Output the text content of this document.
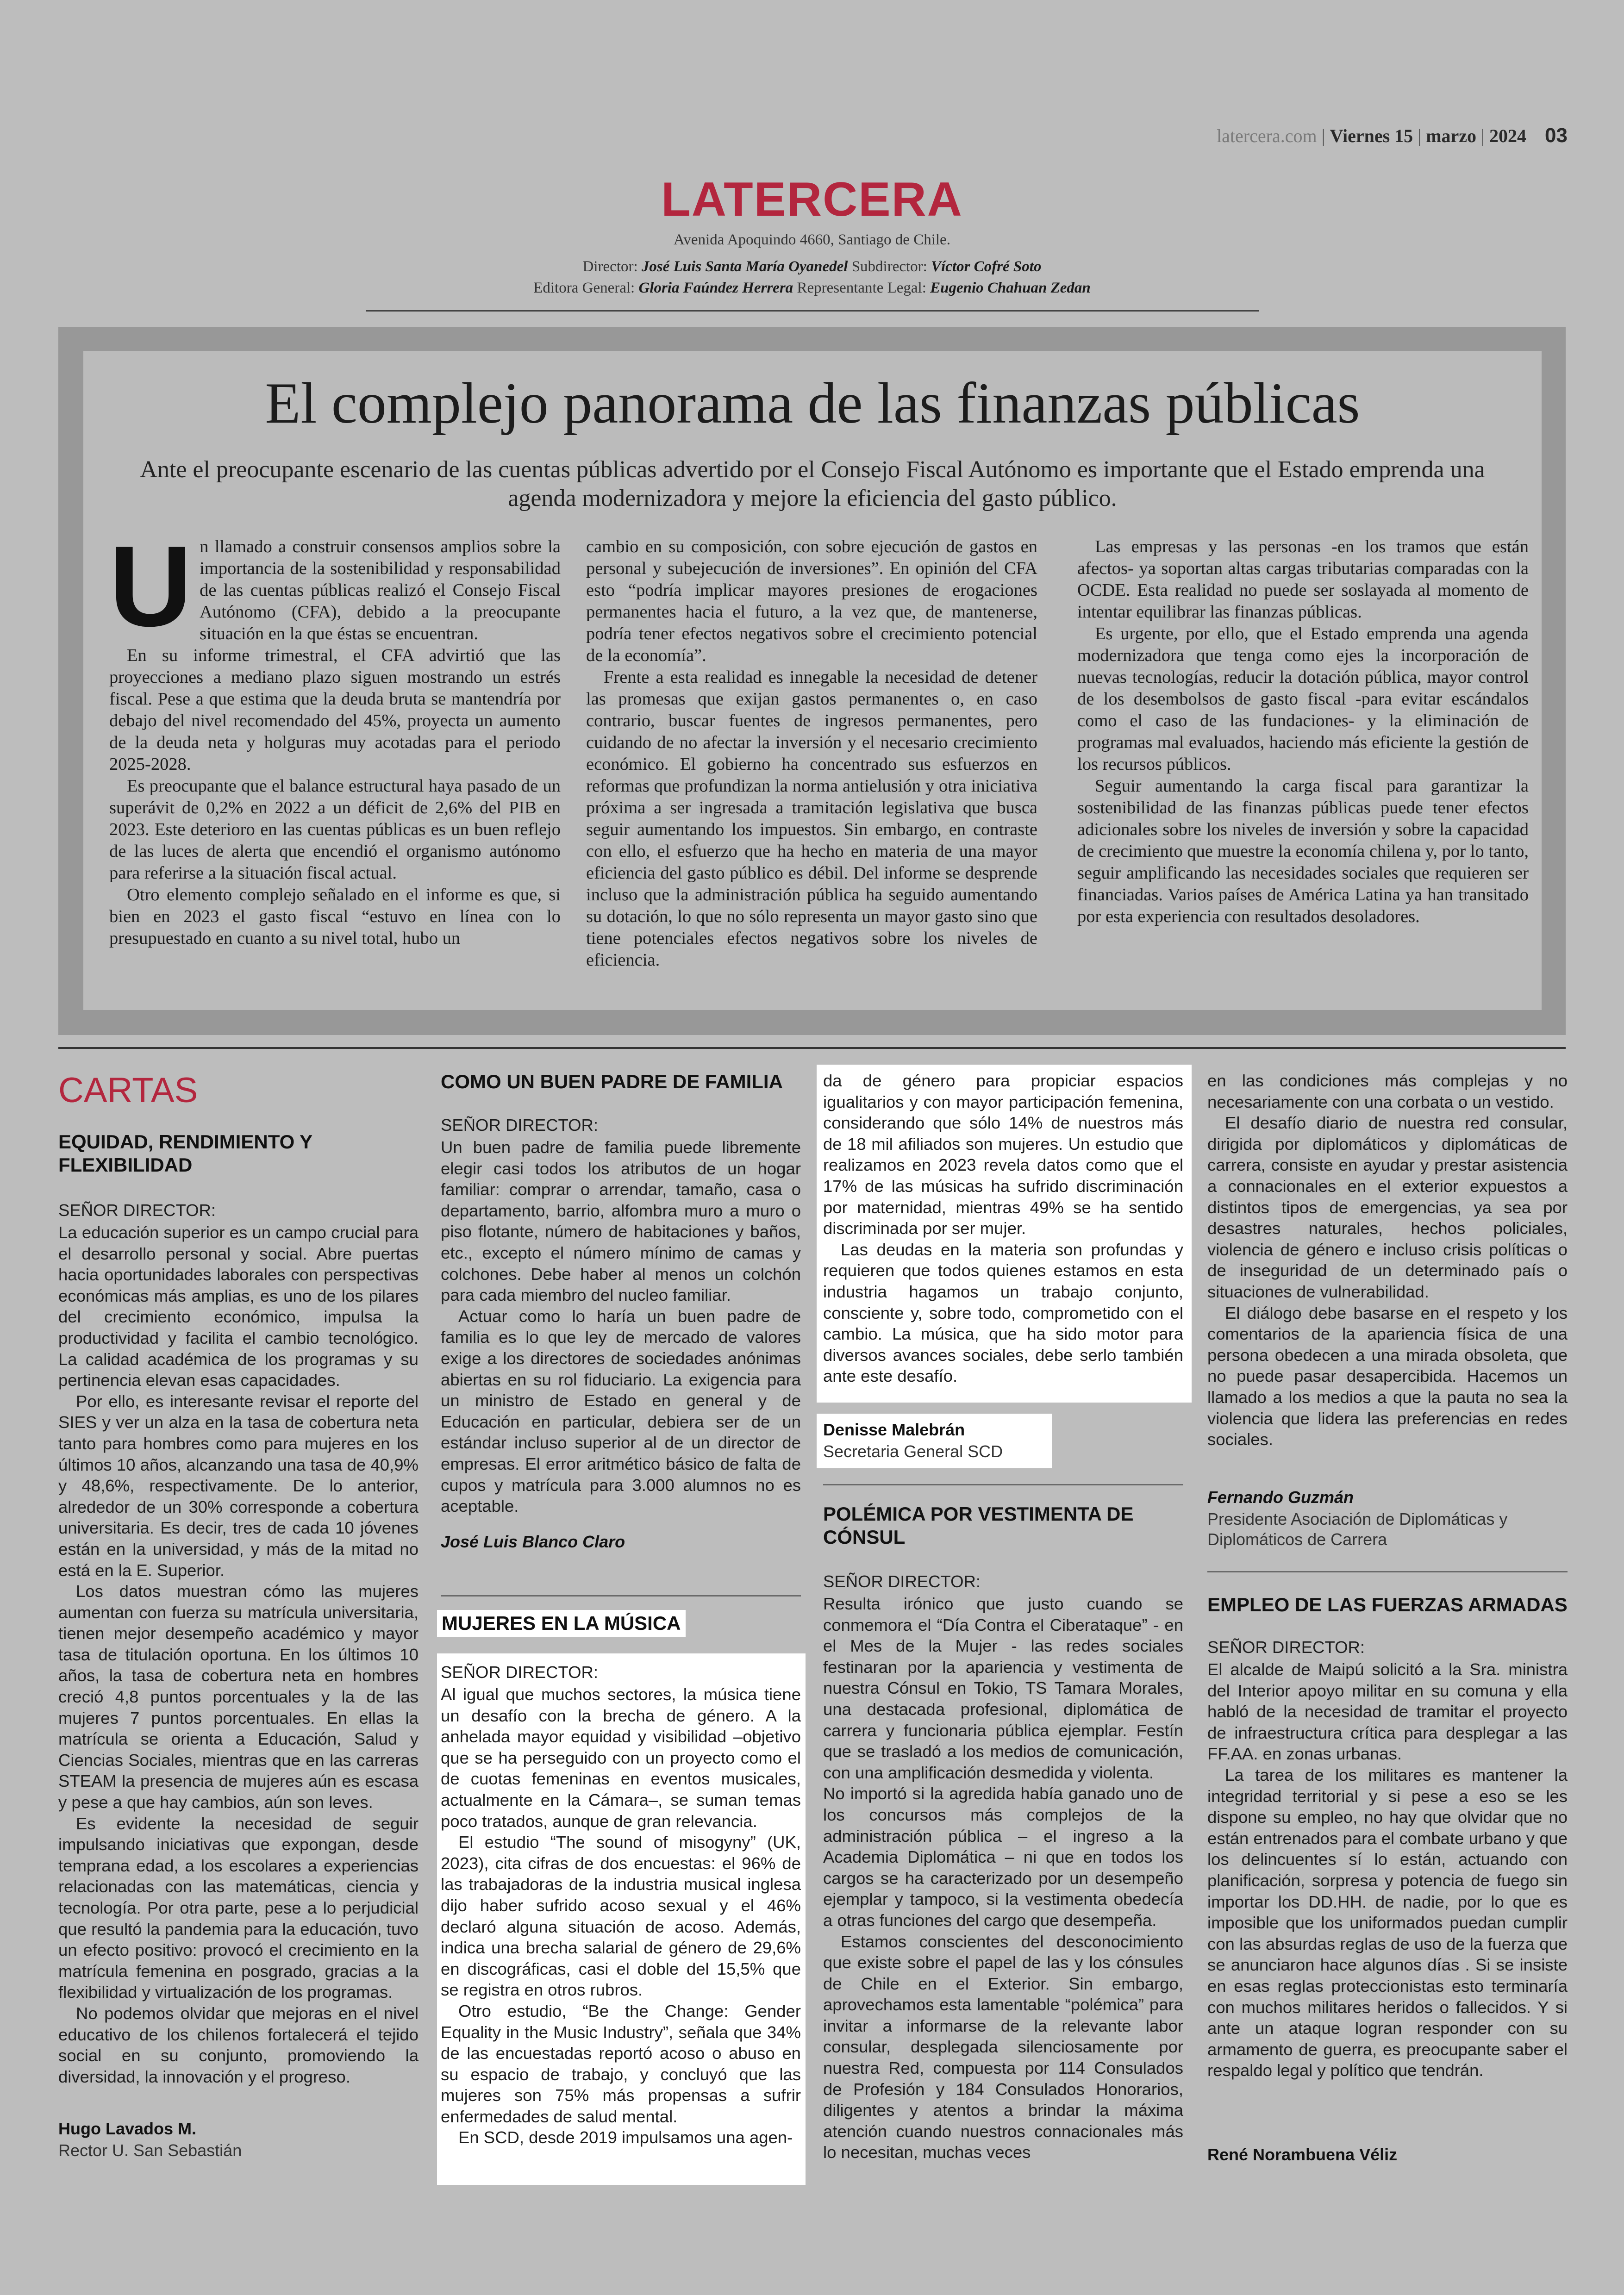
latercera.com | Viernes 15 | marzo | 2024 03
LATERCERA
Avenida Apoquindo 4660, Santiago de Chile.
Director: José Luis Santa María Oyanedel Subdirector: Víctor Cofré Soto
Editora General: Gloria Faúndez Herrera Representante Legal: Eugenio Chahuan Zedan
El complejo panorama de las finanzas públicas
Ante el preocupante escenario de las cuentas públicas advertido por el Consejo Fiscal Autónomo es importante que el Estado emprenda una agenda modernizadora y mejore la eficiencia del gasto público.

Un llamado a construir consensos amplios sobre la importancia de la sostenibilidad y responsabilidad de las cuentas públicas realizó el Consejo Fiscal Autónomo (CFA), debido a la preocupante situación en la que éstas se encuentran.

En su informe trimestral, el CFA advirtió que las proyecciones a mediano plazo siguen mostrando un estrés fiscal. Pese a que estima que la deuda bruta se mantendría por debajo del nivel recomendado del 45%, proyecta un aumento de la deuda neta y holguras muy acotadas para el periodo 2025-2028.

Es preocupante que el balance estructural haya pasado de un superávit de 0,2% en 2022 a un déficit de 2,6% del PIB en 2023. Este deterioro en las cuentas públicas es un buen reflejo de las luces de alerta que encendió el organismo autónomo para referirse a la situación fiscal actual.

Otro elemento complejo señalado en el informe es que, si bien en 2023 el gasto fiscal “estuvo en línea con lo presupuestado en cuanto a su nivel total, hubo un

cambio en su composición, con sobre ejecución de gastos en personal y subejecución de inversiones”. En opinión del CFA esto “podría implicar mayores presiones de erogaciones permanentes hacia el futuro, a la vez que, de mantenerse, podría tener efectos negativos sobre el crecimiento potencial de la economía”.

Frente a esta realidad es innegable la necesidad de detener las promesas que exijan gastos permanentes o, en caso contrario, buscar fuentes de ingresos permanentes, pero cuidando de no afectar la inversión y el necesario crecimiento económico. El gobierno ha concentrado sus esfuerzos en reformas que profundizan la norma antielusión y otra iniciativa próxima a ser ingresada a tramitación legislativa que busca seguir aumentando los impuestos. Sin embargo, en contraste con ello, el esfuerzo que ha hecho en materia de una mayor eficiencia del gasto público es débil. Del informe se desprende incluso que la administración pública ha seguido aumentando su dotación, lo que no sólo representa un mayor gasto sino que tiene potenciales efectos negativos sobre los niveles de eficiencia.

Las empresas y las personas -en los tramos que están afectos- ya soportan altas cargas tributarias comparadas con la OCDE. Esta realidad no puede ser soslayada al momento de intentar equilibrar las finanzas públicas.

Es urgente, por ello, que el Estado emprenda una agenda modernizadora que tenga como ejes la incorporación de nuevas tecnologías, reducir la dotación pública, mayor control de los desembolsos de gasto fiscal -para evitar escándalos como el caso de las fundaciones- y la eliminación de programas mal evaluados, haciendo más eficiente la gestión de los recursos públicos.

Seguir aumentando la carga fiscal para garantizar la sostenibilidad de las finanzas públicas puede tener efectos adicionales sobre los niveles de inversión y sobre la capacidad de crecimiento que muestre la economía chilena y, por lo tanto, seguir amplificando las necesidades sociales que requieren ser financiadas. Varios países de América Latina ya han transitado por esta experiencia con resultados desoladores.

CARTAS
EQUIDAD, RENDIMIENTO Y FLEXIBILIDAD
SEÑOR DIRECTOR:

La educación superior es un campo crucial para el desarrollo personal y social. Abre puertas hacia oportunidades laborales con perspectivas económicas más amplias, es uno de los pilares del crecimiento económico, impulsa la productividad y facilita el cambio tecnológico. La calidad académica de los programas y su pertinencia elevan esas capacidades.

Por ello, es interesante revisar el reporte del SIES y ver un alza en la tasa de cobertura neta tanto para hombres como para mujeres en los últimos 10 años, alcanzando una tasa de 40,9% y 48,6%, respectivamente. De lo anterior, alrededor de un 30% corresponde a cobertura universitaria. Es decir, tres de cada 10 jóvenes están en la universidad, y más de la mitad no está en la E. Superior.

Los datos muestran cómo las mujeres aumentan con fuerza su matrícula universitaria, tienen mejor desempeño académico y mayor tasa de titulación oportuna. En los últimos 10 años, la tasa de cobertura neta en hombres creció 4,8 puntos porcentuales y la de las mujeres 7 puntos porcentuales. En ellas la matrícula se orienta a Educación, Salud y Ciencias Sociales, mientras que en las carreras STEAM la presencia de mujeres aún es escasa y pese a que hay cambios, aún son leves.

Es evidente la necesidad de seguir impulsando iniciativas que expongan, desde temprana edad, a los escolares a experiencias relacionadas con las matemáticas, ciencia y tecnología. Por otra parte, pese a lo perjudicial que resultó la pandemia para la educación, tuvo un efecto positivo: provocó el crecimiento en la matrícula femenina en posgrado, gracias a la flexibilidad y virtualización de los programas.

No podemos olvidar que mejoras en el nivel educativo de los chilenos fortalecerá el tejido social en su conjunto, promoviendo la diversidad, la innovación y el progreso.

Hugo Lavados M.
Rector U. San Sebastián
COMO UN BUEN PADRE DE FAMILIA
SEÑOR DIRECTOR:

Un buen padre de familia puede libremente elegir casi todos los atributos de un hogar familiar: comprar o arrendar, tamaño, casa o departamento, barrio, alfombra muro a muro o piso flotante, número de habitaciones y baños, etc., excepto el número mínimo de camas y colchones. Debe haber al menos un colchón para cada miembro del nucleo familiar.

Actuar como lo haría un buen padre de familia es lo que ley de mercado de valores exige a los directores de sociedades anónimas abiertas en su rol fiduciario. La exigencia para un ministro de Estado en general y de Educación en particular, debiera ser de un estándar incluso superior al de un director de empresas. El error aritmético básico de falta de cupos y matrícula para 3.000 alumnos no es aceptable.

José Luis Blanco Claro
MUJERES EN LA MÚSICA
SEÑOR DIRECTOR:

Al igual que muchos sectores, la música tiene un desafío con la brecha de género. A la anhelada mayor equidad y visibilidad –objetivo que se ha perseguido con un proyecto como el de cuotas femeninas en eventos musicales, actualmente en la Cámara–, se suman temas poco tratados, aunque de gran relevancia.

El estudio “The sound of misogyny” (UK, 2023), cita cifras de dos encuestas: el 96% de las trabajadoras de la industria musical inglesa dijo haber sufrido acoso sexual y el 46% declaró alguna situación de acoso. Además, indica una brecha salarial de género de 29,6% en discográficas, casi el doble del 15,5% que se registra en otros rubros.

Otro estudio, “Be the Change: Gender Equality in the Music Industry”, señala que 34% de las encuestadas reportó acoso o abuso en su espacio de trabajo, y concluyó que las mujeres son 75% más propensas a sufrir enfermedades de salud mental.

En SCD, desde 2019 impulsamos una agen-

da de género para propiciar espacios igualitarios y con mayor participación femenina, considerando que sólo 14% de nuestros más de 18 mil afiliados son mujeres. Un estudio que realizamos en 2023 revela datos como que el 17% de las músicas ha sufrido discriminación por maternidad, mientras 49% se ha sentido discriminada por ser mujer.

Las deudas en la materia son profundas y requieren que todos quienes estamos en esta industria hagamos un trabajo conjunto, consciente y, sobre todo, comprometido con el cambio. La música, que ha sido motor para diversos avances sociales, debe serlo también ante este desafío.

Denisse Malebrán
Secretaria General SCD
POLÉMICA POR VESTIMENTA DE CÓNSUL
SEÑOR DIRECTOR:

Resulta irónico que justo cuando se conmemora el “Día Contra el Ciberataque” - en el Mes de la Mujer - las redes sociales festinaran por la apariencia y vestimenta de nuestra Cónsul en Tokio, TS Tamara Morales, una destacada profesional, diplomática de carrera y funcionaria pública ejemplar. Festín que se trasladó a los medios de comunicación, con una amplificación desmedida y violenta.

No importó si la agredida había ganado uno de los concursos más complejos de la administración pública – el ingreso a la Academia Diplomática – ni que en todos los cargos se ha caracterizado por un desempeño ejemplar y tampoco, si la vestimenta obedecía a otras funciones del cargo que desempeña.

Estamos conscientes del desconocimiento que existe sobre el papel de las y los cónsules de Chile en el Exterior. Sin embargo, aprovechamos esta lamentable “polémica” para invitar a informarse de la relevante labor consular, desplegada silenciosamente por nuestra Red, compuesta por 114 Consulados de Profesión y 184 Consulados Honorarios, diligentes y atentos a brindar la máxima atención cuando nuestros connacionales más lo necesitan, muchas veces

en las condiciones más complejas y no necesariamente con una corbata o un vestido.

El desafío diario de nuestra red consular, dirigida por diplomáticos y diplomáticas de carrera, consiste en ayudar y prestar asistencia a connacionales en el exterior expuestos a distintos tipos de emergencias, ya sea por desastres naturales, hechos policiales, violencia de género e incluso crisis políticas o de inseguridad de un determinado país o situaciones de vulnerabilidad.

El diálogo debe basarse en el respeto y los comentarios de la apariencia física de una persona obedecen a una mirada obsoleta, que no puede pasar desapercibida. Hacemos un llamado a los medios a que la pauta no sea la violencia que lidera las preferencias en redes sociales.

Fernando Guzmán
Presidente Asociación de Diplomáticas y Diplomáticos de Carrera
EMPLEO DE LAS FUERZAS ARMADAS
SEÑOR DIRECTOR:

El alcalde de Maipú solicitó a la Sra. ministra del Interior apoyo militar en su comuna y ella habló de la necesidad de tramitar el proyecto de infraestructura crítica para desplegar a las FF.AA. en zonas urbanas.

La tarea de los militares es mantener la integridad territorial y si pese a eso se les dispone su empleo, no hay que olvidar que no están entrenados para el combate urbano y que los delincuentes sí lo están, actuando con planificación, sorpresa y potencia de fuego sin importar los DD.HH. de nadie, por lo que es imposible que los uniformados puedan cumplir con las absurdas reglas de uso de la fuerza que se anunciaron hace algunos días . Si se insiste en esas reglas proteccionistas esto terminaría con muchos militares heridos o fallecidos. Y si ante un ataque logran responder con su armamento de guerra, es preocupante saber el respaldo legal y político que tendrán.

René Norambuena Véliz
